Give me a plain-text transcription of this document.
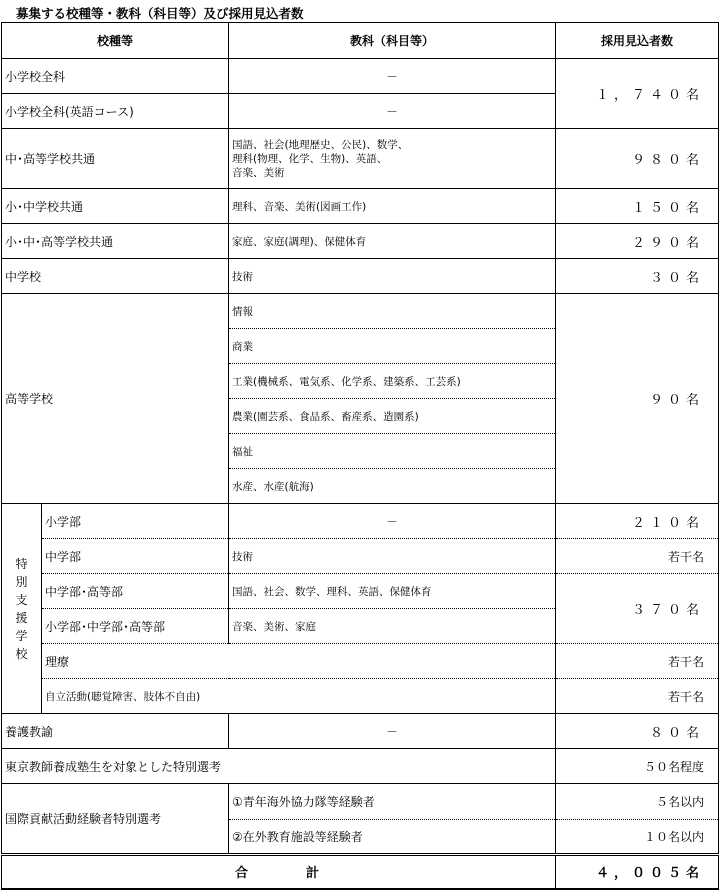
募集する校種等・教科（科目等）及び採用見込者数
校種等		教科（科目等）	採用見込者数
小学校全科		－	１，７４０名
小学校全科(英語コース)		－	
中･高等学校共通		国語、社会(地理歴史、公民)、数学、
理科(物理、化学、生物)、英語、
音楽、美術	９８０名
小･中学校共通		理科、音楽、美術(図画工作)	１５０名
小･中･高等学校共通		家庭、家庭(調理)、保健体育	２９０名
中学校		技術	３０名
高等学校		情報	９０名
		商業	
		工業(機械系、電気系、化学系、建築系、工芸系)	
		農業(園芸系、食品系、畜産系、造園系)	
		福祉	
		水産、水産(航海)	
特別支援学校	小学部	－	２１０名
	中学部	技術	若干名
	中学部･高等部	国語、社会、数学、理科、英語、保健体育	３７０名
	小学部･中学部･高等部	音楽、美術、家庭	
	理療		若干名
	自立活動(聴覚障害、肢体不自由)		若干名
養護教諭		－	８０名
東京教師養成塾生を対象とした特別選考			５０名程度
国際貢献活動経験者特別選考		①青年海外協力隊等経験者	５名以内
		②在外教育施設等経験者	１０名以内
合計			４，００５名
